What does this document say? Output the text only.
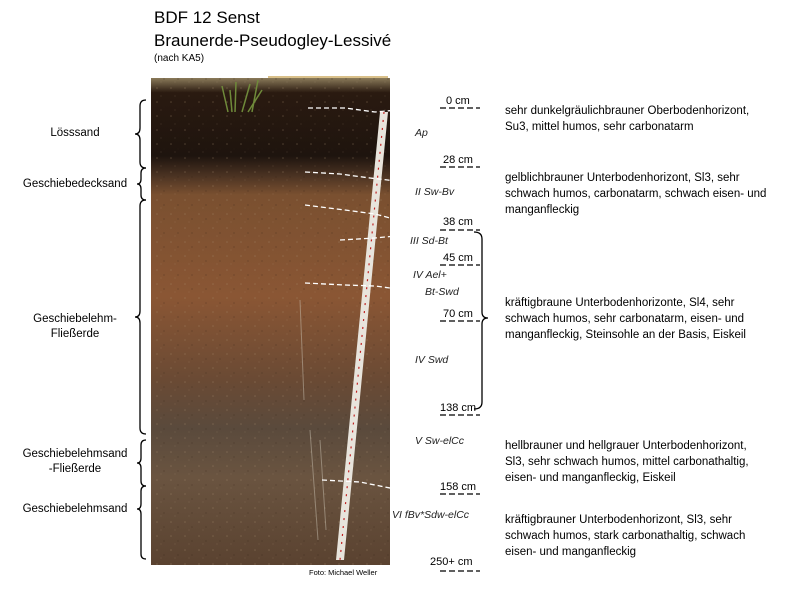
BDF 12 Senst
Braunerde-Pseudogley-Lessivé
(nach KA5)
Lösssand
Geschiebedecksand
Geschiebelehm-
Fließerde
Geschiebelehmsand
-Fließerde
Geschiebelehmsand
0 cm
28 cm
38 cm
45 cm
70 cm
138 cm
158 cm
250+ cm
Ap
II Sw-Bv
III Sd-Bt
IV Ael+
Bt-Swd
IV Swd
V Sw-elCc
VI fBv*Sdw-elCc
sehr dunkelgräulichbrauner Oberbodenhorizont,
Su3, mittel humos, sehr carbonatarm
gelblichbrauner Unterbodenhorizont, Sl3, sehr
schwach humos, carbonatarm, schwach eisen- und
manganfleckig
kräftigbraune Unterbodenhorizonte, Sl4, sehr
schwach humos, sehr carbonatarm, eisen- und
manganfleckig, Steinsohle an der Basis, Eiskeil
hellbrauner und hellgrauer Unterbodenhorizont,
Sl3, sehr schwach humos, mittel carbonathaltig,
eisen- und manganfleckig, Eiskeil
kräftigbrauner Unterbodenhorizont, Sl3, sehr
schwach humos, stark carbonathaltig, schwach
eisen- und manganfleckig
Foto: Michael Weller
